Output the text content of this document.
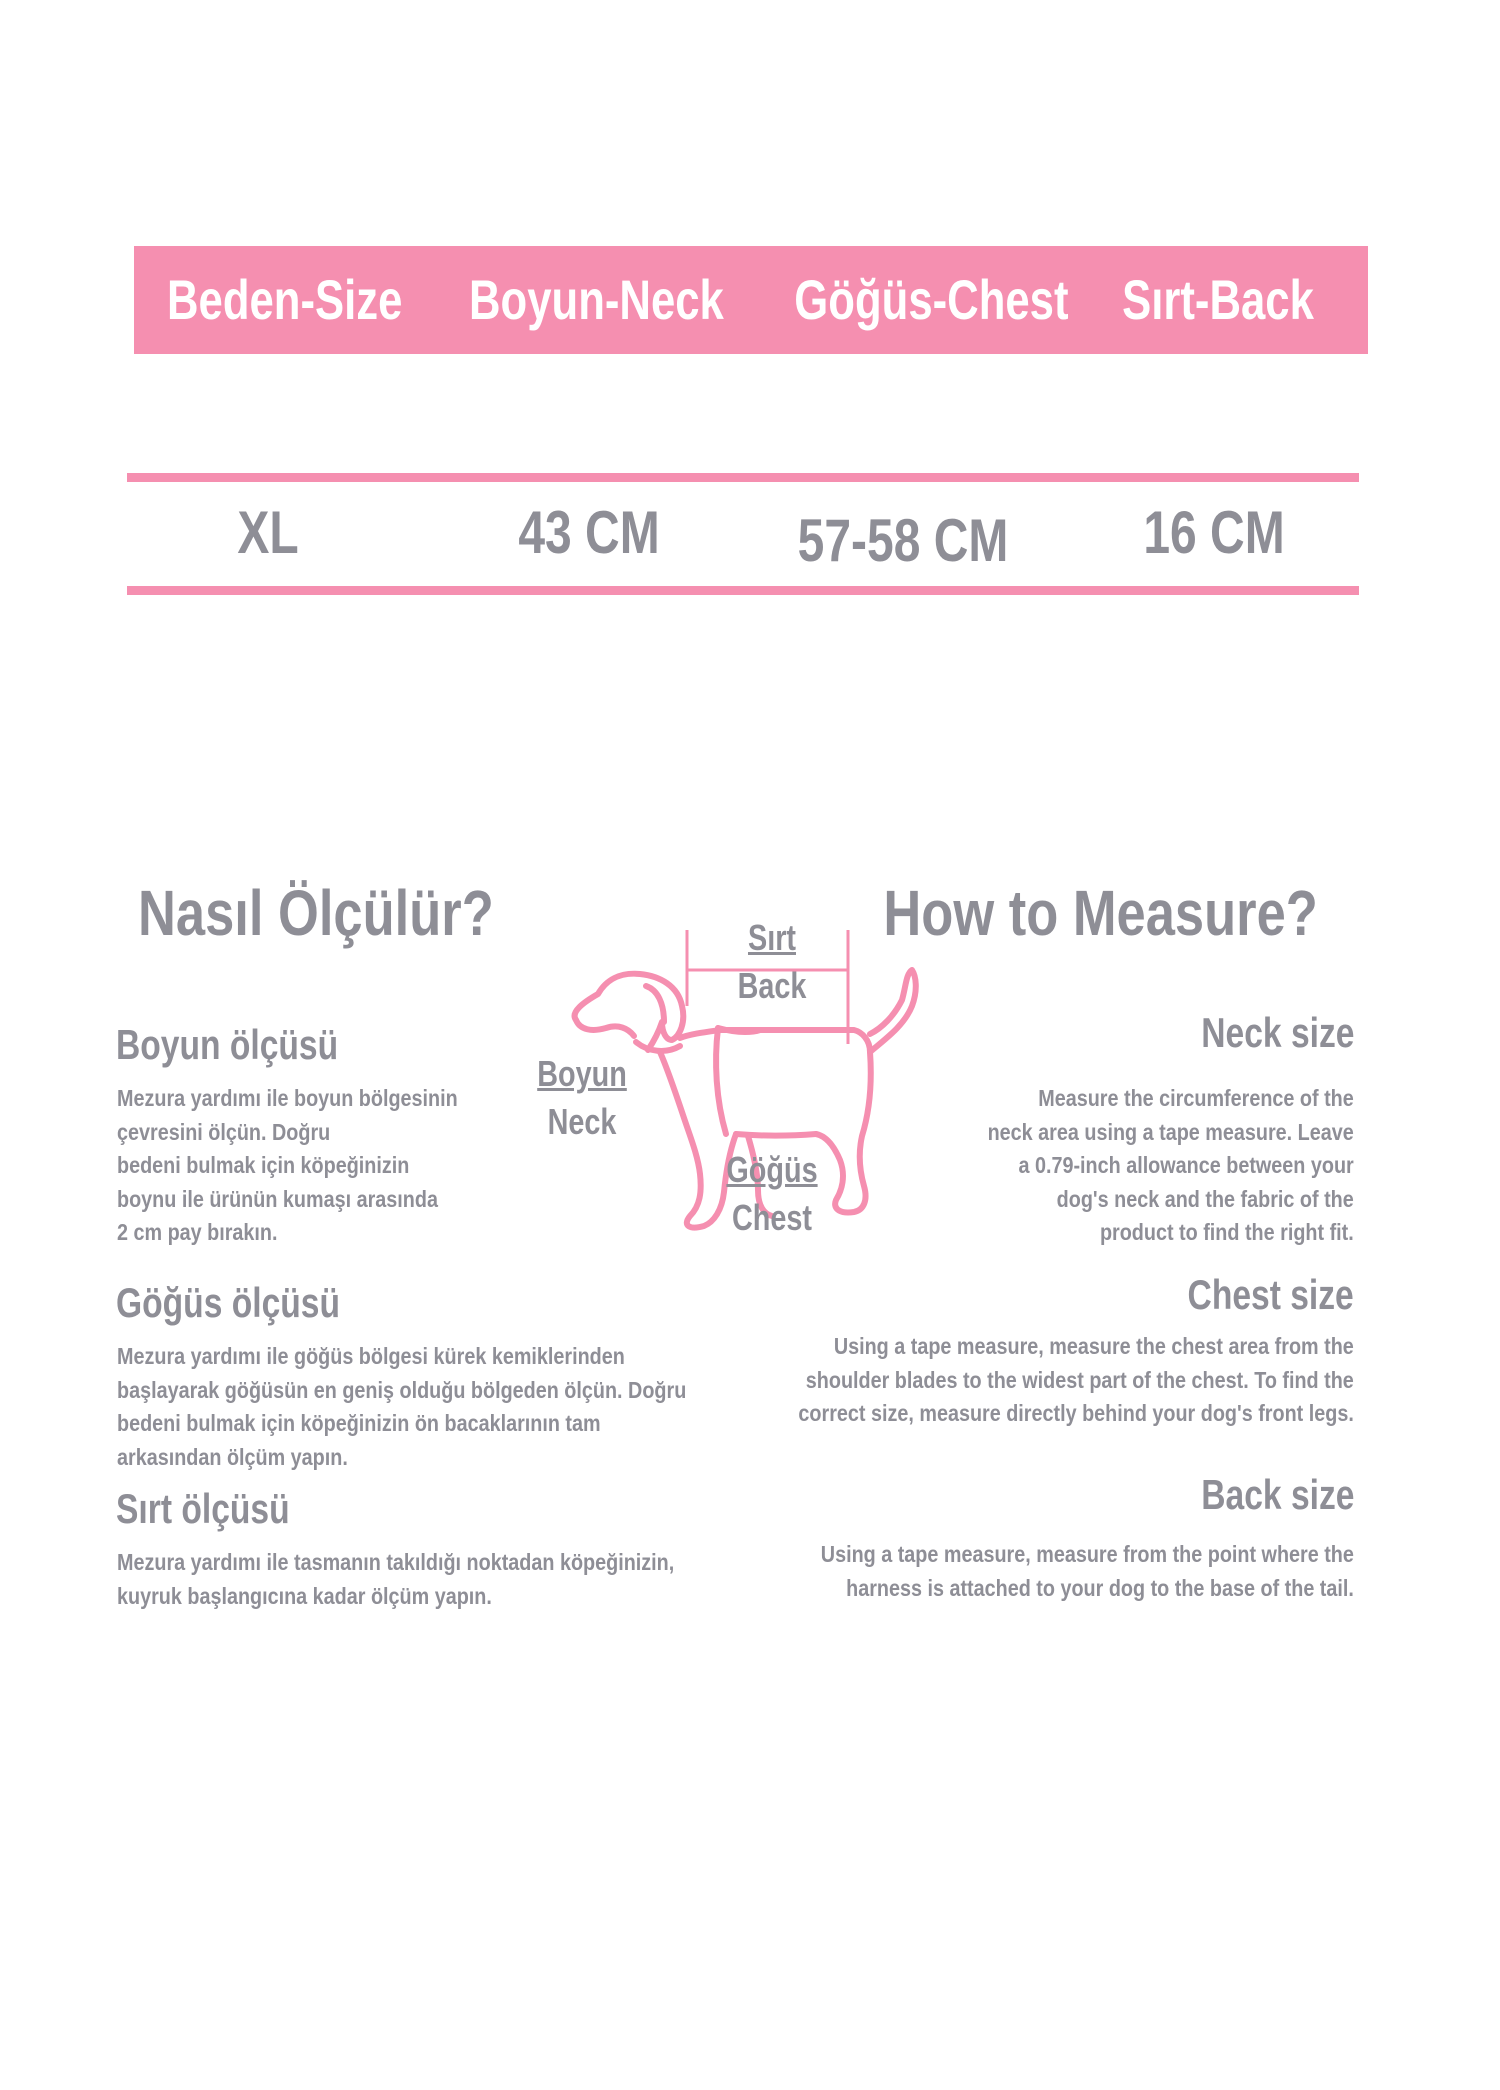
Beden-Size Boyun-Neck Göğüs-Chest Sırt-Back
XL	43 CM	57-58 CM	16 CM
Nasıl Ölçülür?	How to Measure?
Sırt
Back
Boyun
Neck
Göğüs
Chest
Boyun ölçüsü
Mezura yardımı ile boyun bölgesinin
çevresini ölçün. Doğru
bedeni bulmak için köpeğinizin
boynu ile ürünün kumaşı arasında
2 cm pay bırakın.
Göğüs ölçüsü
Mezura yardımı ile göğüs bölgesi kürek kemiklerinden
başlayarak göğüsün en geniş olduğu bölgeden ölçün. Doğru
bedeni bulmak için köpeğinizin ön bacaklarının tam
arkasından ölçüm yapın.
Sırt ölçüsü
Mezura yardımı ile tasmanın takıldığı noktadan köpeğinizin,
kuyruk başlangıcına kadar ölçüm yapın.
Neck size
Measure the circumference of the
neck area using a tape measure. Leave
a 0.79-inch allowance between your
dog's neck and the fabric of the
product to find the right fit.
Chest size
Using a tape measure, measure the chest area from the
shoulder blades to the widest part of the chest. To find the
correct size, measure directly behind your dog's front legs.
Back size
Using a tape measure, measure from the point where the
harness is attached to your dog to the base of the tail.
